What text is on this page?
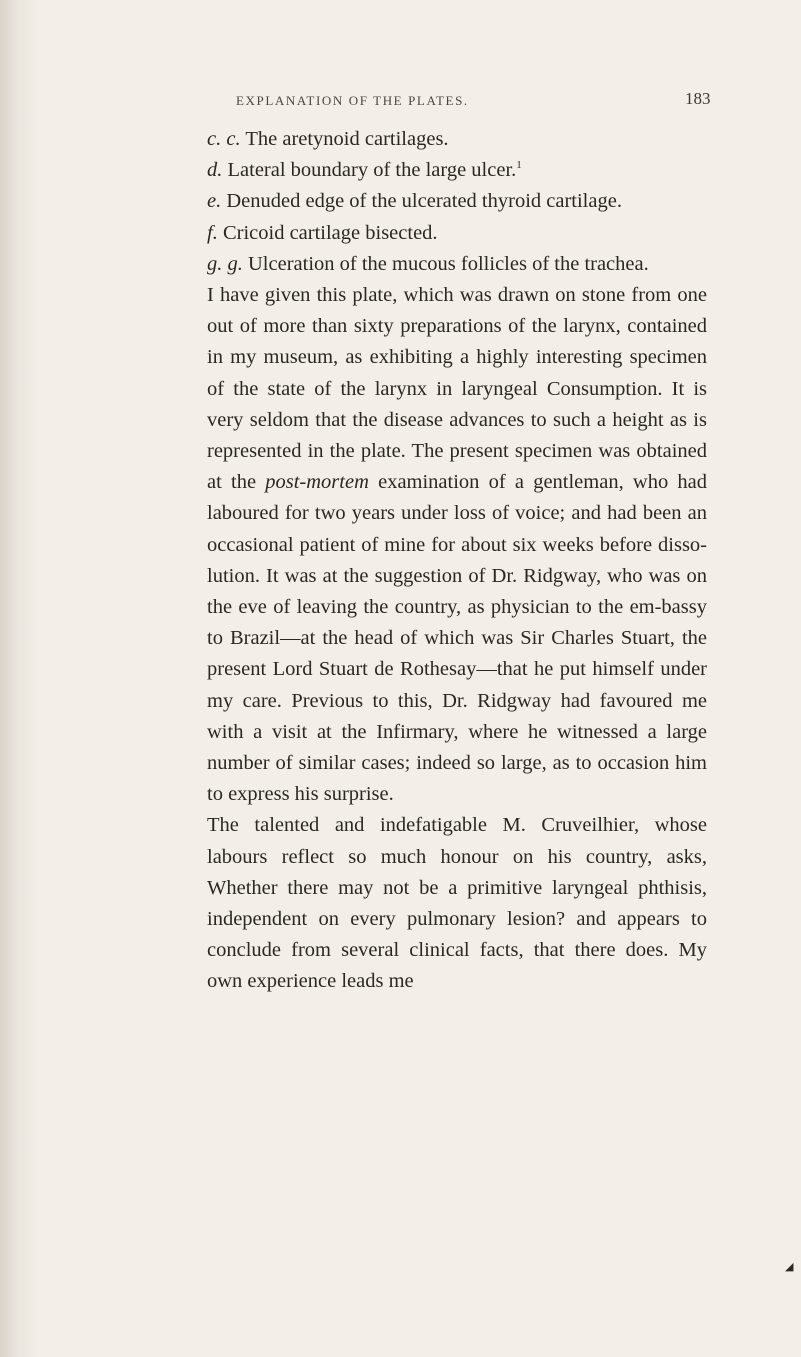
EXPLANATION OF THE PLATES.	183
c. c. The aretynoid cartilages.
d. Lateral boundary of the large ulcer.$^1$
e. Denuded edge of the ulcerated thyroid cartilage.
f. Cricoid cartilage bisected.
g. g. Ulceration of the mucous follicles of the trachea.

I have given this plate, which was drawn on stone from one out of more than sixty preparations of the larynx, contained in my museum, as exhibiting a highly interesting specimen of the state of the larynx in laryngeal Consumption. It is very seldom that the disease advances to such a height as is represented in the plate. The present specimen was obtained at the post-mortem examination of a gentleman, who had laboured for two years under loss of voice; and had been an occasional patient of mine for about six weeks before disso-lution. It was at the suggestion of Dr. Ridgway, who was on the eve of leaving the country, as physician to the em-bassy to Brazil—at the head of which was Sir Charles Stuart, the present Lord Stuart de Rothesay—that he put himself under my care. Previous to this, Dr. Ridgway had favoured me with a visit at the Infirmary, where he witnessed a large number of similar cases; indeed so large, as to occasion him to express his surprise.

The talented and indefatigable M. Cruveilhier, whose labours reflect so much honour on his country, asks, Whether there may not be a primitive laryngeal phthisis, independent on every pulmonary lesion? and appears to conclude from several clinical facts, that there does. My own experience leads me

◢
